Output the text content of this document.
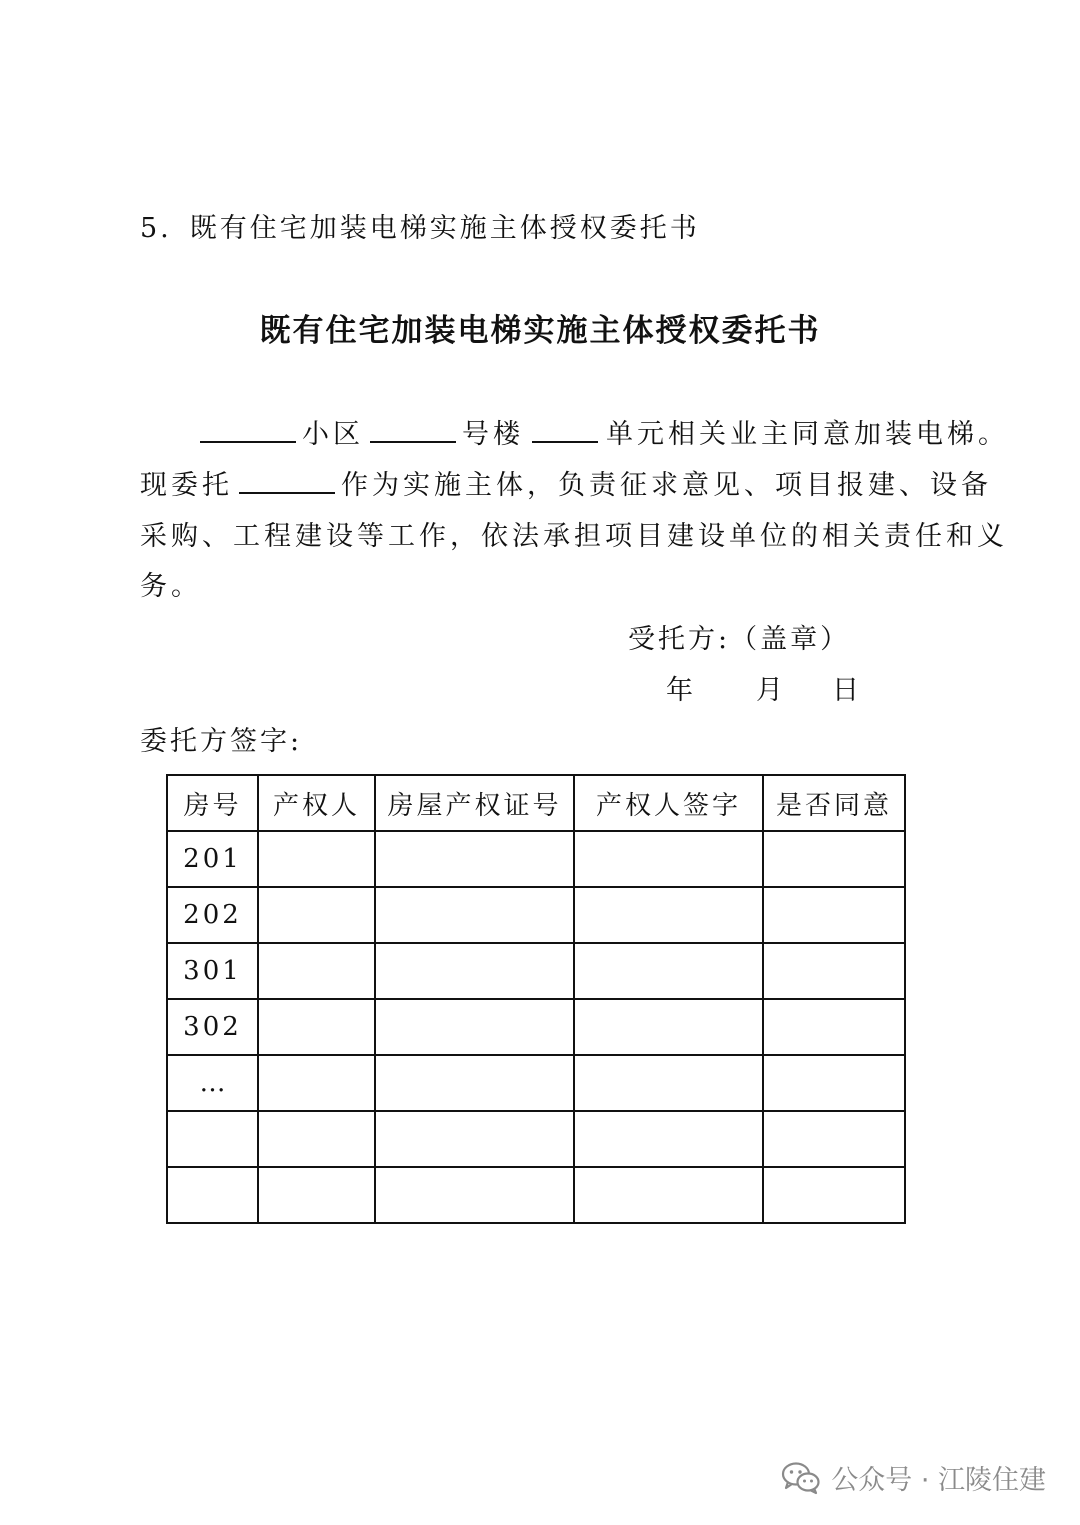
5. 既有住宅加装电梯实施主体授权委托书
既有住宅加装电梯实施主体授权委托书
小区	号楼	单元相关业主同意加装电梯。
现委托	作为实施主体，负责征求意见、项目报建、设备
采购、工程建设等工作，依法承担项目建设单位的相关责任和义
务。
受托方:（盖章）
年 月 日
委托方签字:
房号	产权人	房屋产权证号	产权人签字	是否同意
201				
202				
301				
302				
…				

公众号 · 江陵住建
